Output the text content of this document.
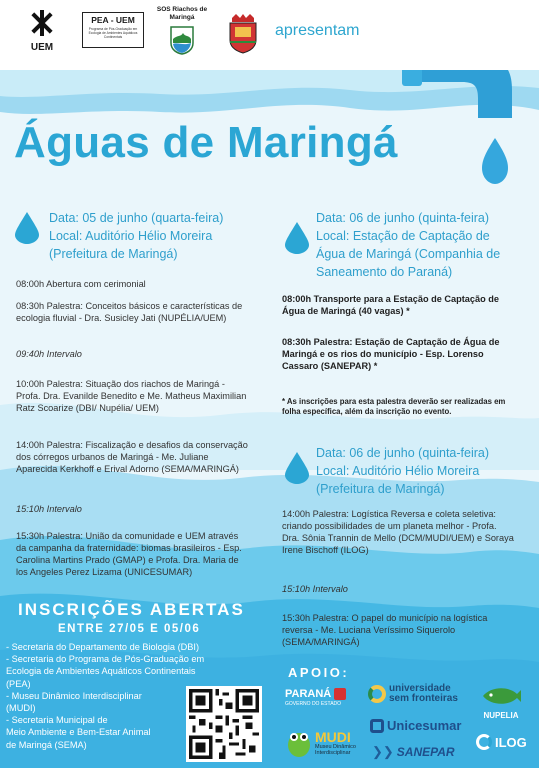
UEM
PEA - UEM
Programa de Pós-Graduação em Ecologia de Ambientes Aquáticos Continentais
SOS Riachos de
Maringá
apresentam
Águas de Maringá
Data: 05 de junho (quarta-feira)
Local: Auditório Hélio Moreira
(Prefeitura de Maringá)
08:00h Abertura com cerimonial
08:30h Palestra: Conceitos básicos e características de
ecologia fluvial - Dra. Susicley Jati (NUPÉLIA/UEM)
09:40h Intervalo
10:00h Palestra: Situação dos riachos de Maringá -
Profa. Dra. Evanilde Benedito e Me. Matheus Maximilian
Ratz Scoarize (DBI/ Nupélia/ UEM)
14:00h Palestra: Fiscalização e desafios da conservação
dos córregos urbanos de Maringá - Me. Juliane
Aparecida Kerkhoff e Erival Adorno (SEMA/MARINGÁ)
15:10h Intervalo
15:30h Palestra: União da comunidade e UEM através
da campanha da fraternidade: biomas brasileiros - Esp.
Carolina Martins Prado (GMAP) e Profa. Dra. Maria de
los Angeles Perez Lizama (UNICESUMAR)
Data: 06 de junho (quinta-feira)
Local: Estação de Captação de
Água de Maringá (Companhia de
Saneamento do Paraná)
08:00h Transporte para a Estação de Captação de
Água de Maringá (40 vagas) *
08:30h Palestra: Estação de Captação de Água de
Maringá e os rios do município - Esp. Lorenso
Cassaro (SANEPAR) *
* As inscrições para esta palestra deverão ser realizadas em
folha específica, além da inscrição no evento.
Data: 06 de junho (quinta-feira)
Local: Auditório Hélio Moreira
(Prefeitura de Maringá)
14:00h Palestra: Logística Reversa e coleta seletiva:
criando possibilidades de um planeta melhor - Profa.
Dra. Sônia Trannin de Mello (DCM/MUDI/UEM) e Soraya
Irene Bischoff (ILOG)
15:10h Intervalo
15:30h Palestra: O papel do município na logística
reversa - Me. Luciana Veríssimo Siquerolo
(SEMA/MARINGÁ)
INSCRIÇÕES ABERTAS
ENTRE 27/05 E 05/06
- Secretaria do Departamento de Biologia (DBI)
- Secretaria do Programa de Pós-Graduação em
Ecologia de Ambientes Aquáticos Continentais
(PEA)
- Museu Dinâmico Interdisciplinar
(MUDI)
- Secretaria Municipal de
Meio Ambiente e Bem-Estar Animal
de Maringá (SEMA)
APOIO:
PARANÁ
GOVERNO DO ESTADO
universidade
sem fronteiras
NUPELIA
Unicesumar
MUDI
Museu Dinâmico
Interdisciplinar	❯❯ SANEPAR
ILOG
